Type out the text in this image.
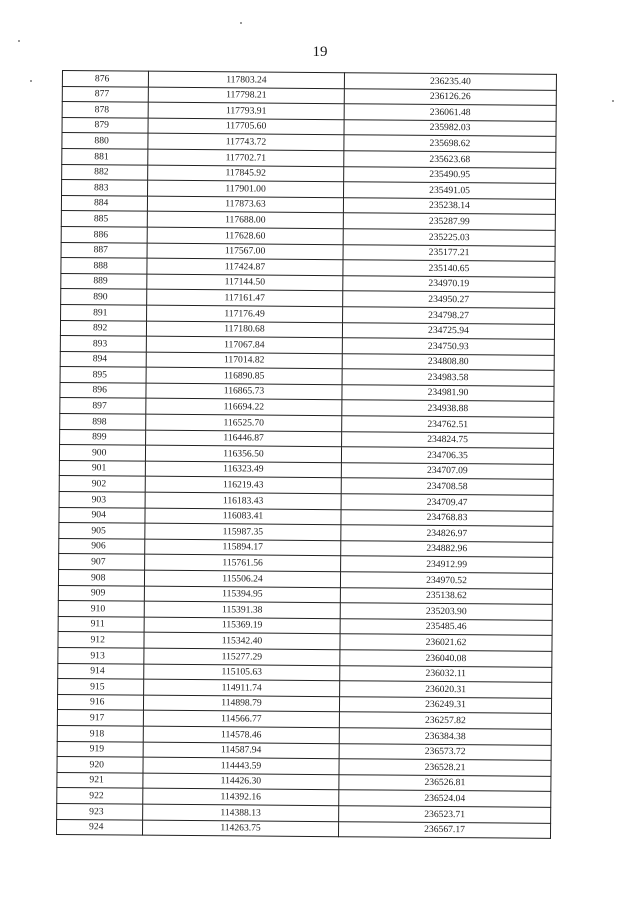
19
876	117803.24	236235.40
877	117798.21	236126.26
878	117793.91	236061.48
879	117705.60	235982.03
880	117743.72	235698.62
881	117702.71	235623.68
882	117845.92	235490.95
883	117901.00	235491.05
884	117873.63	235238.14
885	117688.00	235287.99
886	117628.60	235225.03
887	117567.00	235177.21
888	117424.87	235140.65
889	117144.50	234970.19
890	117161.47	234950.27
891	117176.49	234798.27
892	117180.68	234725.94
893	117067.84	234750.93
894	117014.82	234808.80
895	116890.85	234983.58
896	116865.73	234981.90
897	116694.22	234938.88
898	116525.70	234762.51
899	116446.87	234824.75
900	116356.50	234706.35
901	116323.49	234707.09
902	116219.43	234708.58
903	116183.43	234709.47
904	116083.41	234768.83
905	115987.35	234826.97
906	115894.17	234882.96
907	115761.56	234912.99
908	115506.24	234970.52
909	115394.95	235138.62
910	115391.38	235203.90
911	115369.19	235485.46
912	115342.40	236021.62
913	115277.29	236040.08
914	115105.63	236032.11
915	114911.74	236020.31
916	114898.79	236249.31
917	114566.77	236257.82
918	114578.46	236384.38
919	114587.94	236573.72
920	114443.59	236528.21
921	114426.30	236526.81
922	114392.16	236524.04
923	114388.13	236523.71
924	114263.75	236567.17
